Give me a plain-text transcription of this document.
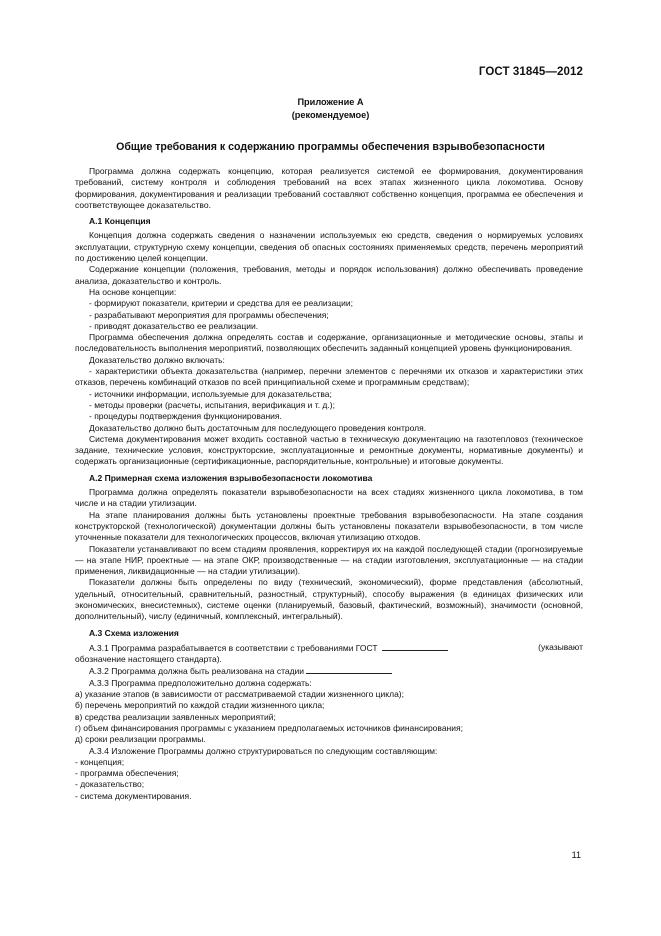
ГОСТ 31845—2012
Приложение А
(рекомендуемое)
Общие требования к содержанию программы обеспечения взрывобезопасности

Программа должна содержать концепцию, которая реализуется системой ее формирования, документирования требований, систему контроля и соблюдения требований на всех этапах жизненного цикла локомотива. Основу формирования, документирования и реализации требований составляют собственно концепция, программа ее обеспечения и соответствующее доказательство.

А.1 Концепция

Концепция должна содержать сведения о назначении используемых ею средств, сведения о нормируемых условиях эксплуатации, структурную схему концепции, сведения об опасных состояниях применяемых средств, перечень мероприятий по достижению целей концепции.

Содержание концепции (положения, требования, методы и порядок использования) должно обеспечивать проведение анализа, доказательство и контроль.

На основе концепции:

- формируют показатели, критерии и средства для ее реализации;

- разрабатывают мероприятия для программы обеспечения;

- приводят доказательство ее реализации.

Программа обеспечения должна определять состав и содержание, организационные и методические основы, этапы и последовательность выполнения мероприятий, позволяющих обеспечить заданный концепцией уровень функционирования.

Доказательство должно включать:

- характеристики объекта доказательства (например, перечни элементов с перечнями их отказов и характеристики этих отказов, перечень комбинаций отказов по всей принципиальной схеме и программным средствам);

- источники информации, используемые для доказательства;

- методы проверки (расчеты, испытания, верификация и т. д.);

- процедуры подтверждения функционирования.

Доказательство должно быть достаточным для последующего проведения контроля.

Система документирования может входить составной частью в техническую документацию на газотепловоз (техническое задание, технические условия, конструкторские, эксплуатационные и ремонтные документы, нормативные документы) и содержать организационные (сертификационные, распорядительные, контрольные) и итоговые документы.

А.2 Примерная схема изложения взрывобезопасности локомотива

Программа должна определять показатели взрывобезопасности на всех стадиях жизненного цикла локомотива, в том числе и на стадии утилизации.

На этапе планирования должны быть установлены проектные требования взрывобезопасности. На этапе создания конструкторской (технологической) документации должны быть установлены показатели взрывобезопасности, в том числе уточненные показатели для технологических процессов, включая утилизацию отходов.

Показатели устанавливают по всем стадиям проявления, корректируя их на каждой последующей стадии (прогнозируемые — на этапе НИР, проектные — на этапе ОКР, производственные — на стадии изготовления, эксплуатационные — на стадии применения, ликвидационные — на стадии утилизации).

Показатели должны быть определены по виду (технический, экономический), форме представления (абсолютный, удельный, относительный, сравнительный, разностный, структурный), способу выражения (в единицах физических или экономических, внесистемных), системе оценки (планируемый, базовый, фактический, возможный), значимости (основной, дополнительный), числу (единичный, комплексный, интегральный).

А.3 Схема изложения

А.3.1 Программа разрабатывается в соответствии с требованиями ГОСТ	(указывают

обозначение настоящего стандарта).

А.3.2 Программа должна быть реализована на стадии

А.3.3 Программа предположительно должна содержать:

а) указание этапов (в зависимости от рассматриваемой стадии жизненного цикла);

б) перечень мероприятий по каждой стадии жизненного цикла;

в) средства реализации заявленных мероприятий;

г) объем финансирования программы с указанием предполагаемых источников финансирования;

д) сроки реализации программы.

А.3.4 Изложение Программы должно структурироваться по следующим составляющим:

- концепция;

- программа обеспечения;

- доказательство;

- система документирования.

11
